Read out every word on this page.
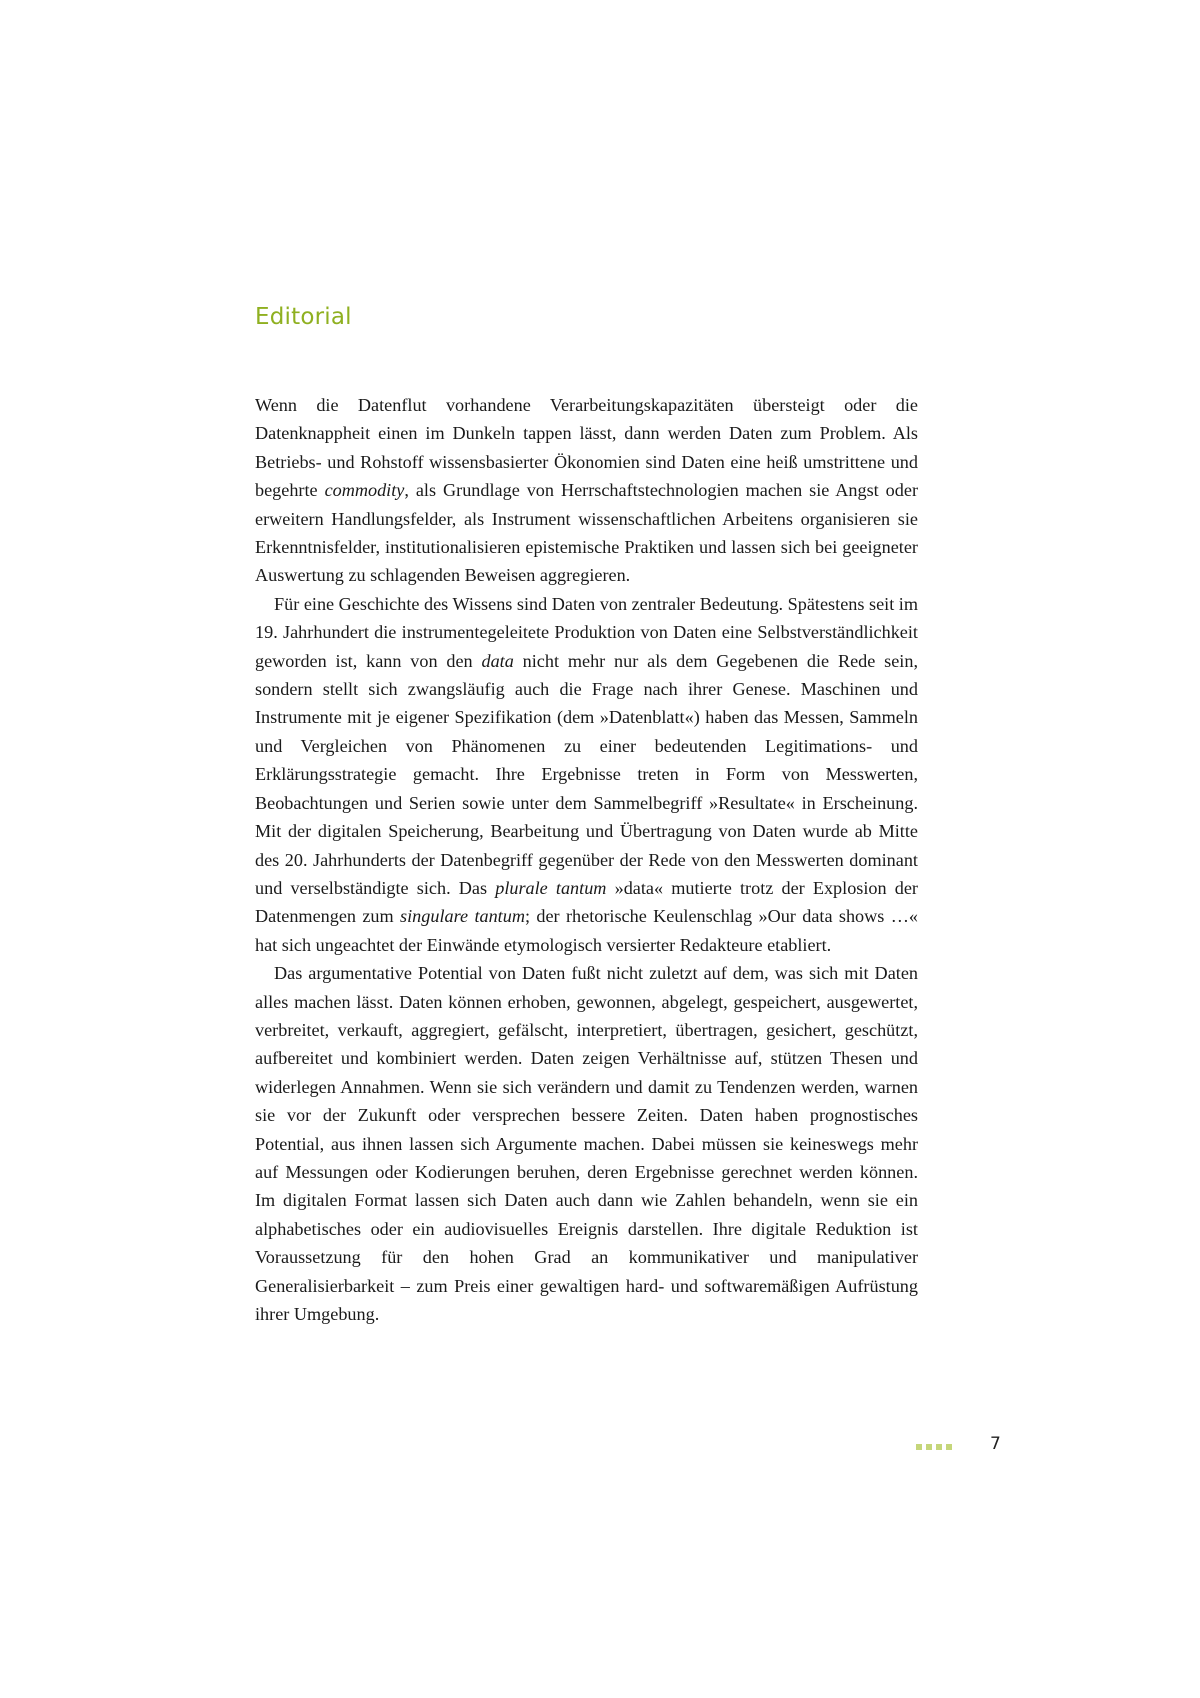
Editorial

Wenn die Datenflut vorhandene Verarbeitungskapazitäten übersteigt oder die Datenknappheit einen im Dunkeln tappen lässt, dann werden Daten zum Problem. Als Betriebs- und Rohstoff wissensbasierter Ökonomien sind Daten eine heiß umstrittene und begehrte commodity, als Grundlage von Herrschaftstechnologien machen sie Angst oder erweitern Handlungsfelder, als Instrument wissenschaftlichen Arbeitens organisieren sie Erkenntnisfelder, institutionalisieren epistemische Praktiken und lassen sich bei geeigneter Auswertung zu schlagenden Beweisen aggregieren.

Für eine Geschichte des Wissens sind Daten von zentraler Bedeutung. Spätestens seit im 19. Jahrhundert die instrumentegeleitete Produktion von Daten eine Selbstverständlichkeit geworden ist, kann von den data nicht mehr nur als dem Gegebenen die Rede sein, sondern stellt sich zwangsläufig auch die Frage nach ihrer Genese. Maschinen und Instrumente mit je eigener Spezifikation (dem »Datenblatt«) haben das Messen, Sammeln und Vergleichen von Phänomenen zu einer bedeutenden Legitimations- und Erklärungsstrategie gemacht. Ihre Ergebnisse treten in Form von Messwerten, Beobachtungen und Serien sowie unter dem Sammelbegriff »Resultate« in Erscheinung. Mit der digitalen Speicherung, Bearbeitung und Übertragung von Daten wurde ab Mitte des 20. Jahrhunderts der Datenbegriff gegenüber der Rede von den Messwerten dominant und verselbständigte sich. Das plurale tantum »data« mutierte trotz der Explosion der Datenmengen zum singulare tantum; der rhetorische Keulenschlag »Our data shows …« hat sich ungeachtet der Einwände etymologisch versierter Redakteure etabliert.

Das argumentative Potential von Daten fußt nicht zuletzt auf dem, was sich mit Daten alles machen lässt. Daten können erhoben, gewonnen, abgelegt, gespeichert, ausgewertet, verbreitet, verkauft, aggregiert, gefälscht, interpretiert, übertragen, gesichert, geschützt, aufbereitet und kombiniert werden. Daten zeigen Verhältnisse auf, stützen Thesen und widerlegen Annahmen. Wenn sie sich verändern und damit zu Tendenzen werden, warnen sie vor der Zukunft oder versprechen bessere Zeiten. Daten haben prognostisches Potential, aus ihnen lassen sich Argumente machen. Dabei müssen sie keineswegs mehr auf Messungen oder Kodierungen beruhen, deren Ergebnisse gerechnet werden können. Im digitalen Format lassen sich Daten auch dann wie Zahlen behandeln, wenn sie ein alphabetisches oder ein audiovisuelles Ereignis darstellen. Ihre digitale Reduktion ist Voraussetzung für den hohen Grad an kommunikativer und manipulativer Generalisierbarkeit – zum Preis einer gewaltigen hard- und softwaremäßigen Aufrüstung ihrer Umgebung.

7
